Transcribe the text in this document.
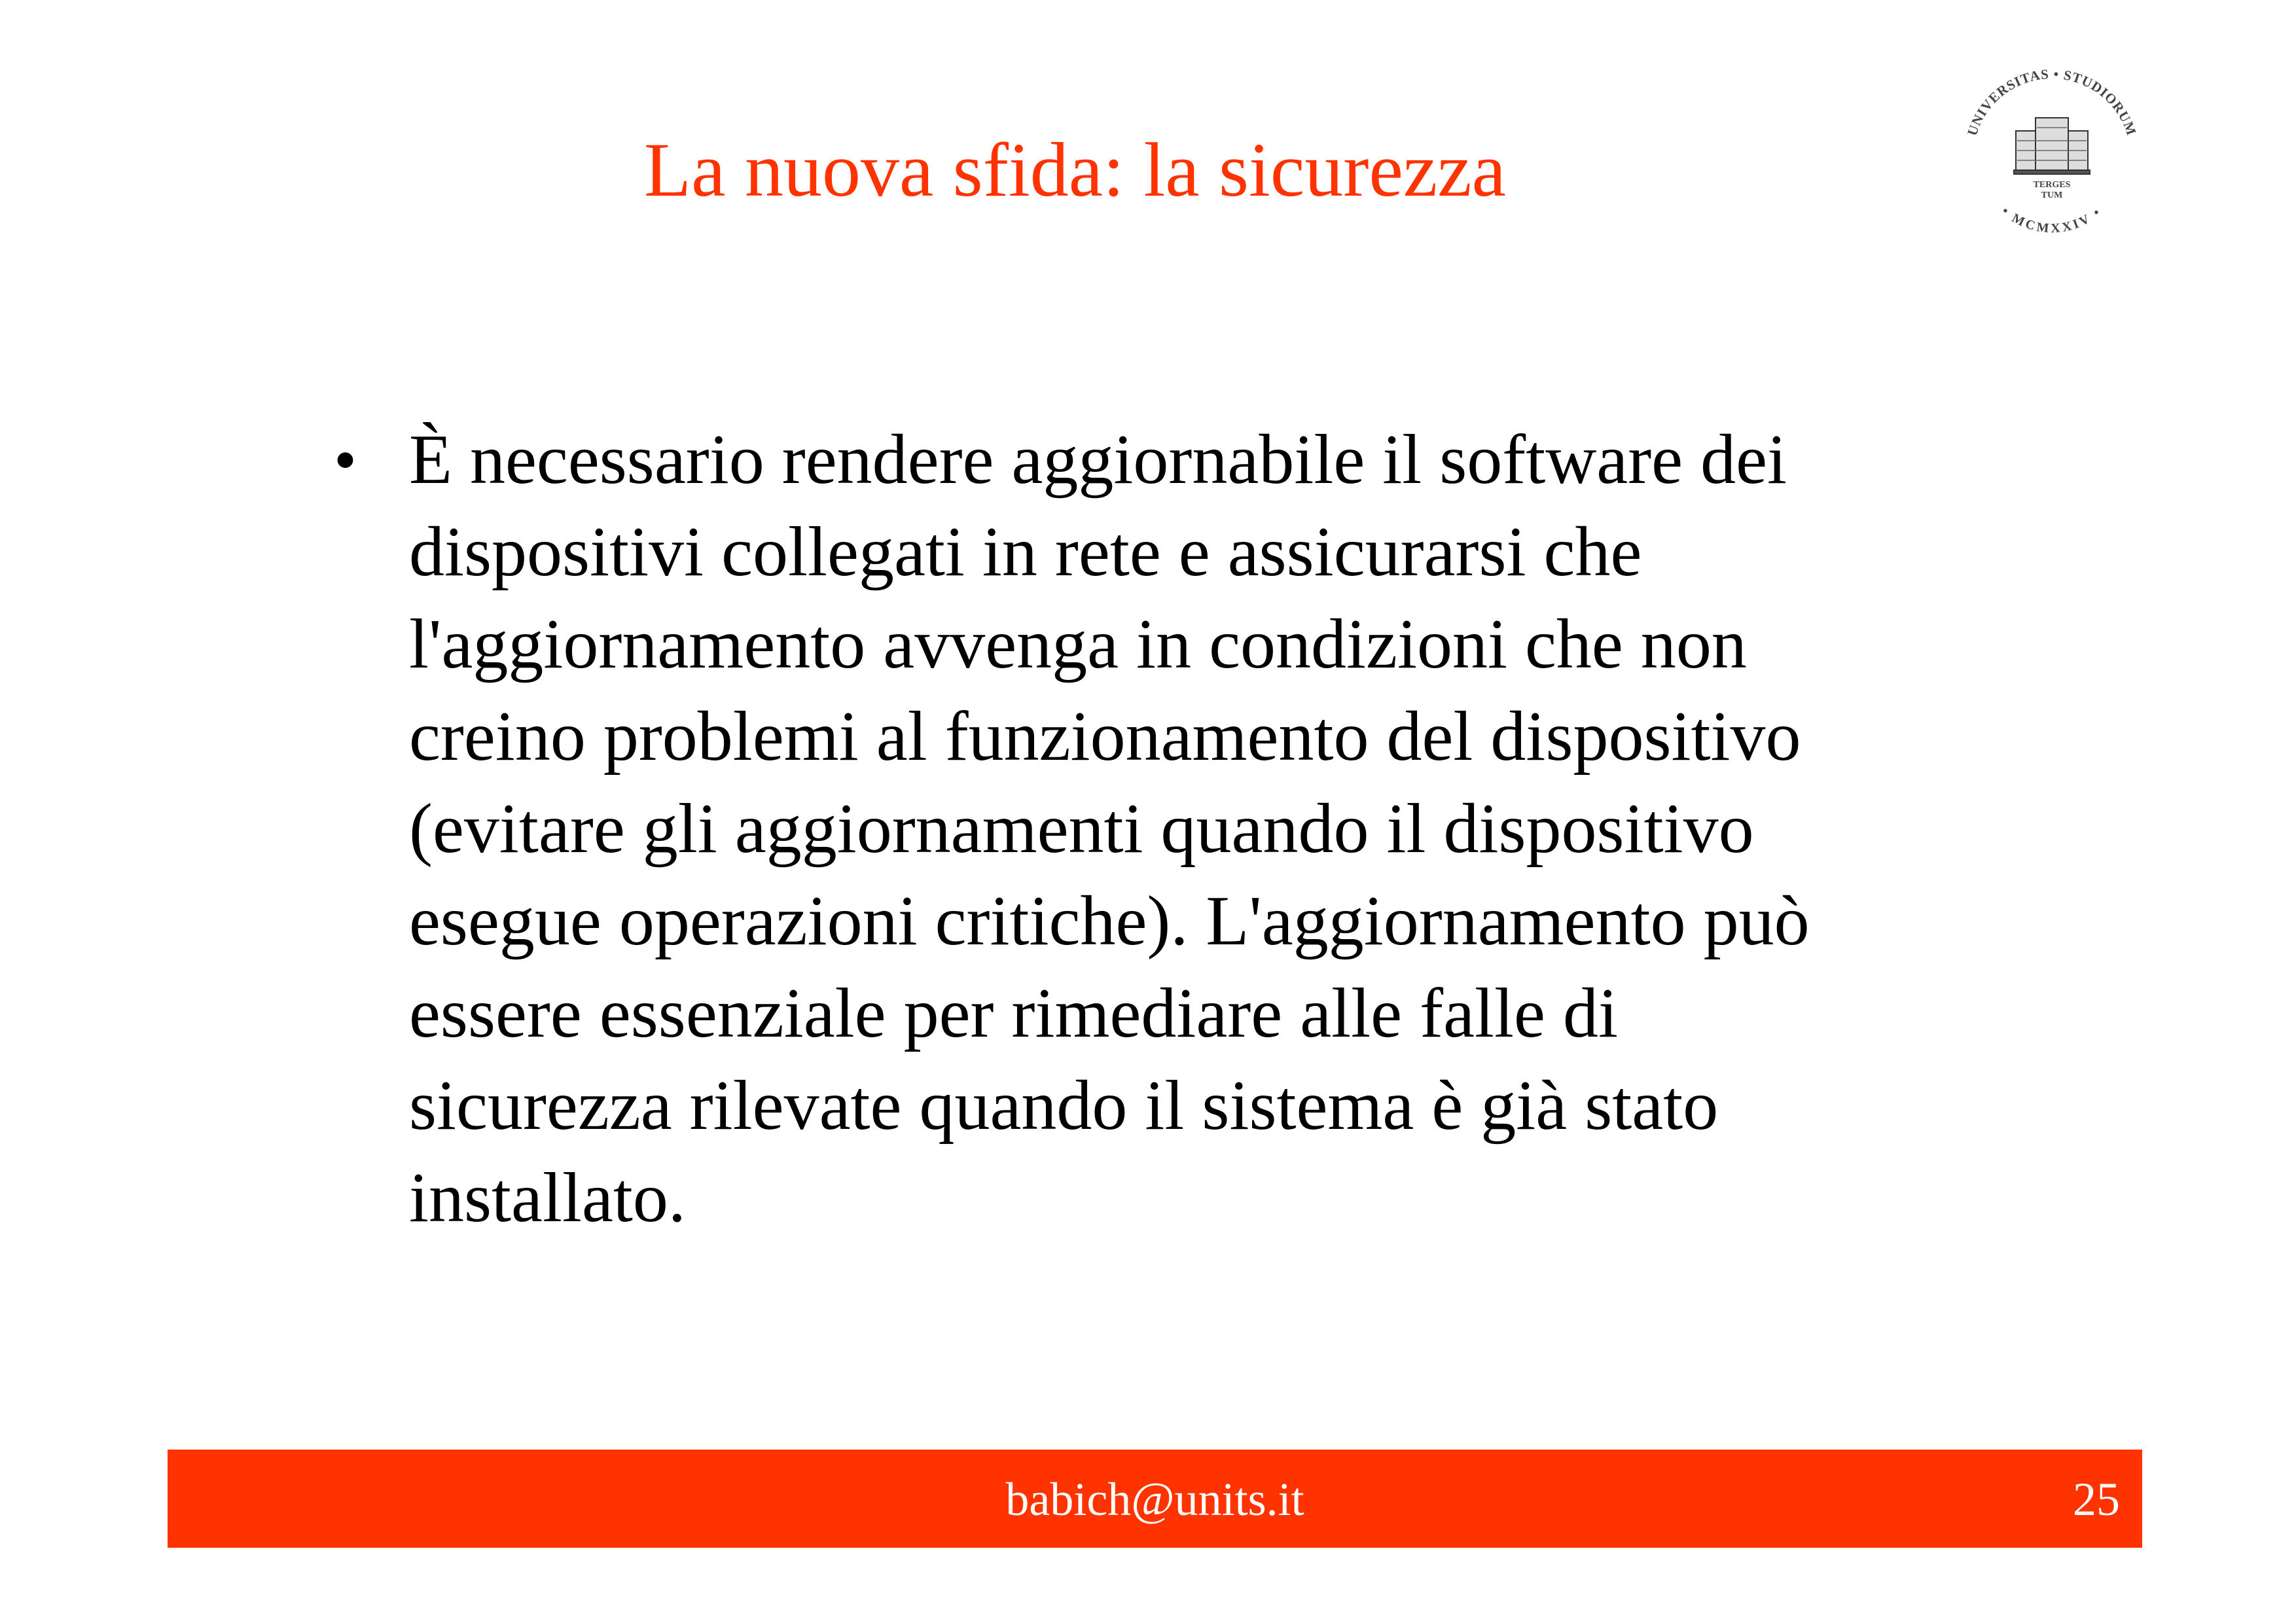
La nuova sfida: la sicurezza	UNIVERSITAS • STUDIORUM
• MCMXXIV •
TERGES
TUM
• È necessario rendere aggiornabile il software dei
dispositivi collegati in rete e assicurarsi che
l'aggiornamento avvenga in condizioni che non
creino problemi al funzionamento del dispositivo
(evitare gli aggiornamenti quando il dispositivo
esegue operazioni critiche). L'aggiornamento può
essere essenziale per rimediare alle falle di
sicurezza rilevate quando il sistema è già stato
installato.
babich@units.it	25
